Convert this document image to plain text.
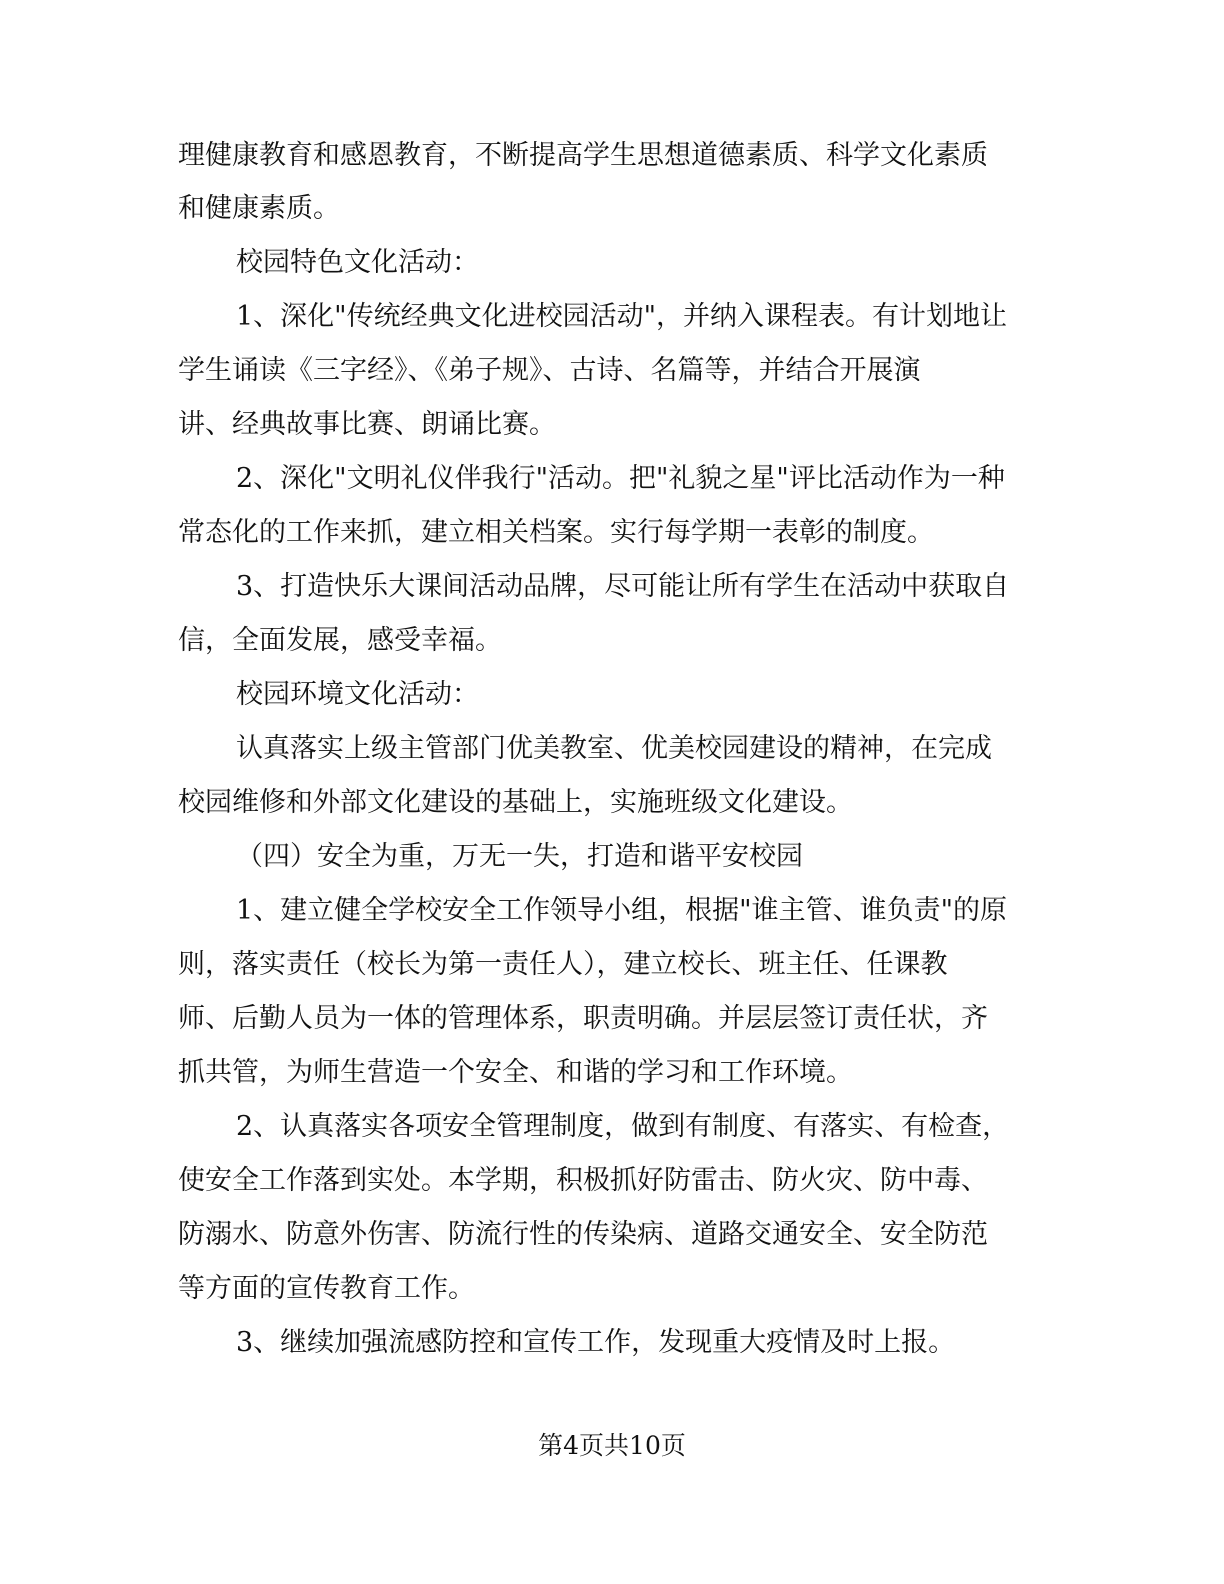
理健康教育和感恩教育，不断提高学生思想道德素质、科学文化素质
和健康素质。
校园特色文化活动：
1、深化"传统经典文化进校园活动"，并纳入课程表。有计划地让
学生诵读《三字经》、《弟子规》、古诗、名篇等，并结合开展演
讲、经典故事比赛、朗诵比赛。
2、深化"文明礼仪伴我行"活动。把"礼貌之星"评比活动作为一种
常态化的工作来抓，建立相关档案。实行每学期一表彰的制度。
3、打造快乐大课间活动品牌，尽可能让所有学生在活动中获取自
信，全面发展，感受幸福。
校园环境文化活动：
认真落实上级主管部门优美教室、优美校园建设的精神，在完成
校园维修和外部文化建设的基础上，实施班级文化建设。
（四）安全为重，万无一失，打造和谐平安校园
1、建立健全学校安全工作领导小组，根据"谁主管、谁负责"的原
则，落实责任（校长为第一责任人），建立校长、班主任、任课教
师、后勤人员为一体的管理体系，职责明确。并层层签订责任状，齐
抓共管，为师生营造一个安全、和谐的学习和工作环境。
2、认真落实各项安全管理制度，做到有制度、有落实、有检查，
使安全工作落到实处。本学期，积极抓好防雷击、防火灾、防中毒、
防溺水、防意外伤害、防流行性的传染病、道路交通安全、安全防范
等方面的宣传教育工作。
3、继续加强流感防控和宣传工作，发现重大疫情及时上报。
第4页共10页
